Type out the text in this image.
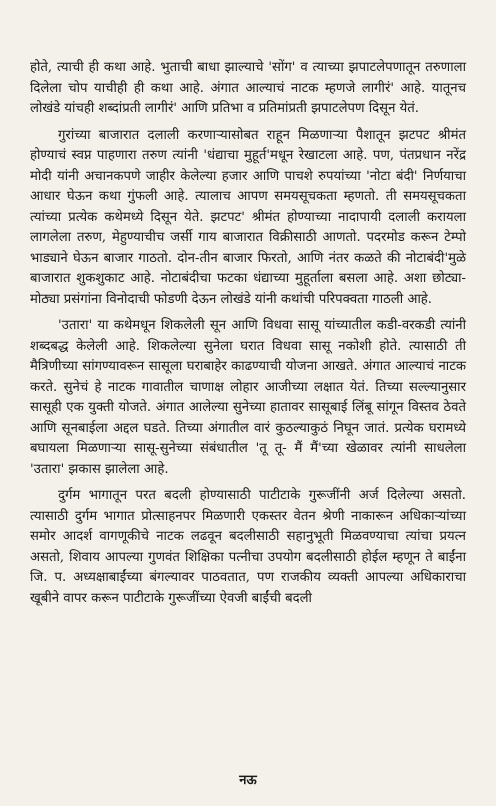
होते, त्याची ही कथा आहे. भुताची बाधा झाल्याचे 'सोंग' व त्याच्या झपाटलेपणातून तरुणाला दिलेला चोप याचीही ही कथा आहे. अंगात आल्याचं नाटक म्हणजे लागीरं' आहे. यातूनच लोखंडे यांचही शब्दांप्रती लागीरं' आणि प्रतिभा व प्रतिमांप्रती झपाटलेपण दिसून येतं.

गुरांच्या बाजारात दलाली करणाऱ्यासोबत राहून मिळणाऱ्या पैशातून झटपट श्रीमंत होण्याचं स्वप्न पाहणारा तरुण त्यांनी 'धंद्याचा मुहूर्त'मधून रेखाटला आहे. पण, पंतप्रधान नरेंद्र मोदी यांनी अचानकपणे जाहीर केलेल्या हजार आणि पाचशे रुपयांच्या 'नोटा बंदी' निर्णयाचा आधार घेऊन कथा गुंफली आहे. त्यालाच आपण समयसूचकता म्हणतो. ती समयसूचकता त्यांच्या प्रत्येक कथेमध्ये दिसून येते. झटपट' श्रीमंत होण्याच्या नादापायी दलाली करायला लागलेला तरुण, मेहुण्याचीच जर्सी गाय बाजारात विक्रीसाठी आणतो. पदरमोड करून टेम्पो भाड्याने घेऊन बाजार गाठतो. दोन-तीन बाजार फिरतो, आणि नंतर कळते की नोटाबंदी'मुळे बाजारात शुकशुकाट आहे. नोटाबंदीचा फटका धंद्याच्या मुहूर्ताला बसला आहे. अशा छोट्या-मोठ्या प्रसंगांना विनोदाची फोडणी देऊन लोखंडे यांनी कथांची परिपक्वता गाठली आहे.

'उतारा' या कथेमधून शिकलेली सून आणि विधवा सासू यांच्यातील कडी-वरकडी त्यांनी शब्दबद्ध केलेली आहे. शिकलेल्या सुनेला घरात विधवा सासू नकोशी होते. त्यासाठी ती मैत्रिणीच्या सांगण्यावरून सासूला घराबाहेर काढण्याची योजना आखते. अंगात आल्याचं नाटक करते. सुनेचं हे नाटक गावातील चाणाक्ष लोहार आजीच्या लक्षात येतं. तिच्या सल्ल्यानुसार सासूही एक युक्ती योजते. अंगात आलेल्या सुनेच्या हातावर सासूबाई लिंबू सांगून विस्तव ठेवते आणि सूनबाईला अद्दल घडते. तिच्या अंगातील वारं कुठल्याकुठं निघून जातं. प्रत्येक घरामध्ये बघायला मिळणाऱ्या सासू-सुनेच्या संबंधातील 'तू तू- मैं मैं'च्या खेळावर त्यांनी साधलेला 'उतारा' झकास झालेला आहे.

दुर्गम भागातून परत बदली होण्यासाठी पाटीटाके गुरूजींनी अर्ज दिलेल्या असतो. त्यासाठी दुर्गम भागात प्रोत्साहनपर मिळणारी एकस्तर वेतन श्रेणी नाकारून अधिकाऱ्यांच्या समोर आदर्श वागणूकीचे नाटक लढवून बदलीसाठी सहानुभूती मिळवण्याचा त्यांचा प्रयत्न असतो, शिवाय आपल्या गुणवंत शिक्षिका पत्नीचा उपयोग बदलीसाठी होईल म्हणून ते बाईंना जि. प. अध्यक्षाबाईंच्या बंगल्यावर पाठवतात, पण राजकीय व्यक्ती आपल्या अधिकाराचा खूबीने वापर करून पाटीटाके गुरूजींच्या ऐवजी बाईंची बदली

नऊ
